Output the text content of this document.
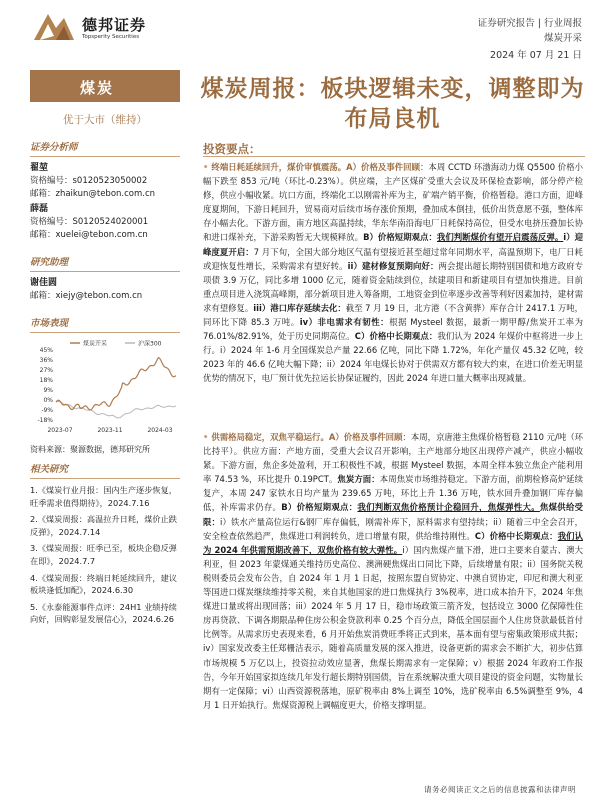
德邦证券
Topsperity Securities
证券研究报告 | 行业周报
煤炭开采
2024 年 07 月 21 日
煤炭
优于大市（维持）
证券分析师
翟堃
资格编号：s0120523050002
邮箱：zhaikun@tebon.com.cn
薛磊
资格编号：S0120524020001
邮箱：xuelei@tebon.com.cn
研究助理
谢佳圆
邮箱：xiejy@tebon.com.cn
市场表现
45%
36%
27%
18%
9%
0%
-9%
-18%
2023-07	2023-11	2024-03
煤炭开采	沪深300
资料来源：聚源数据，德邦研究所
相关研究
1.《煤炭行业月报：国内生产逐步恢复，旺季需求值得期待》，2024.7.16
2.《煤炭周报：高温拉升日耗，煤价止跌反弹》，2024.7.14
3.《煤炭周报：旺季已至，板块企稳反弹在即》，2024.7.7
4.《煤炭周报：终端日耗延续回升，建议板块逢低加配》，2024.6.30
5.《永泰能源事件点评：24H1 业绩持续向好，回购彰显发展信心》，2024.6.26
煤炭周报：板块逻辑未变，调整即为布局良机
投资要点：
• 终端日耗延续回升，煤价审慎震荡。A）价格及事件回顾：本周 CCTD 环渤海动力煤 Q5500 价格小幅下跌至 853 元/吨（环比-0.23%）。供应端，主产区煤矿受重大会议及环保检查影响，部分停产检修，供应小幅收紧。坑口方面，终端化工以刚需补库为主，矿端产销平衡，价格暂稳。港口方面，迎峰度夏期间，下游日耗回升，贸易商对后续市场存涨价预期，叠加成本倒挂，低价出货意愿不强，整体库存小幅去化。下游方面，南方地区高温持续，华东华南沿海电厂日耗保持高位，但受水电挤压叠加长协和进口煤补充，下游采购暂无大规模释放。B）价格短期观点：我们判断煤价有望开启震荡反弹。i）迎峰度夏开启：7 月下旬，全国大部分地区气温有望接近甚至超过常年同期水平，高温预期下，电厂日耗或迎恢复性增长，采购需求有望好转。ii）建材修复预期向好：两会提出超长期特别国债和地方政府专项债 3.9 万亿，同比多增 1000 亿元，随着资金陆续到位，续建项目和新建项目有望加快推进。目前重点项目进入浇筑高峰期，部分新项目进入筹备期，工地资金到位率逐步改善等利好因素加持，建材需求有望修复。iii）港口库存延续去化：截至 7 月 19 日，北方港（不含黄骅）库存合计 2417.1 万吨，同环比下降 85.3 万吨。iv）非电需求有韧性：根据 Mysteel 数据，最新一期甲醇/焦炭开工率为 76.01%/82.91%，处于历史同期高位。C）价格中长期观点：我们认为 2024 年煤价中枢将进一步上行。i）2024 年 1-6 月全国煤炭总产量 22.66 亿吨，同比下降 1.72%，年化产量仅 45.32 亿吨，较 2023 年的 46.6 亿吨大幅下降；ii）2024 年电煤长协对于供需双方都有较大约束，在进口价差无明显优势的情况下，电厂预计优先拉运长协保证履约，因此 2024 年进口量大概率出现减量。
• 供需格局稳定，双焦平稳运行。A）价格及事件回顾：本周，京唐港主焦煤价格暂稳 2110 元/吨（环比持平）。供应方面：产地方面，受重大会议召开影响，主产地部分地区出现停产减产，供应小幅收紧。下游方面，焦企多处盈利，开工积极性不减，根据 Mysteel 数据，本周全样本独立焦企产能利用率 74.53 %，环比提升 0.19PCT。焦炭方面：本周焦炭市场维持稳定。下游方面，前期检修高炉延续复产，本周 247 家铁水日均产量为 239.65 万吨，环比上升 1.36 万吨，铁水回升叠加钢厂库存偏低，补库需求仍存。B）价格短期观点：我们判断双焦价格预计企稳回升，焦煤弹性大。焦煤供给受限：i）铁水产量高位运行&钢厂库存偏低，刚需补库下，原料需求有望持续；ii）随着三中全会召开，安全检查依然趋严，焦煤进口利润转负，进口增量有限，供给维持刚性。C）价格中长期观点：我们认为 2024 年供需预期改善下，双焦价格有较大弹性。i）国内焦煤产量下滑，进口主要来自蒙古、澳大利亚，但 2023 年蒙煤通关维持历史高位、澳洲硬焦煤出口同比下降，后续增量有限；ii）国务院关税税则委员会发布公告，自 2024 年 1 月 1 日起，按照东盟自贸协定、中澳自贸协定，印尼和澳大利亚等国进口煤炭继续维持零关税，来自其他国家的进口焦煤执行 3%税率，进口成本抬升下，2024 年焦煤进口量或将出现回落；iii）2024 年 5 月 17 日，稳市场政策三箭齐发，包括设立 3000 亿保障性住房再贷款、下调各期限品种住房公积金贷款利率 0.25 个百分点，降低全国层面个人住房贷款最低首付比例等。从需求历史表现来看，6 月开始焦炭消费旺季将正式到来，基本面有望与密集政策形成共振；iv）国家发改委主任郑栅洁表示，随着高质量发展的深入推进，设备更新的需求会不断扩大，初步估算市场规模 5 万亿以上，投资拉动效应显著，焦煤长期需求有一定保障；v）根据 2024 年政府工作报告，今年开始国家拟连续几年发行超长期特别国债，旨在系统解决重大项目建设的资金问题，实物量长期有一定保障；vi）山西资源税落地，原矿税率由 8%上调至 10%，选矿税率由 6.5%调整至 9%，4 月 1 日开始执行。焦煤资源税上调幅度更大，价格支撑明显。
请务必阅读正文之后的信息披露和法律声明
